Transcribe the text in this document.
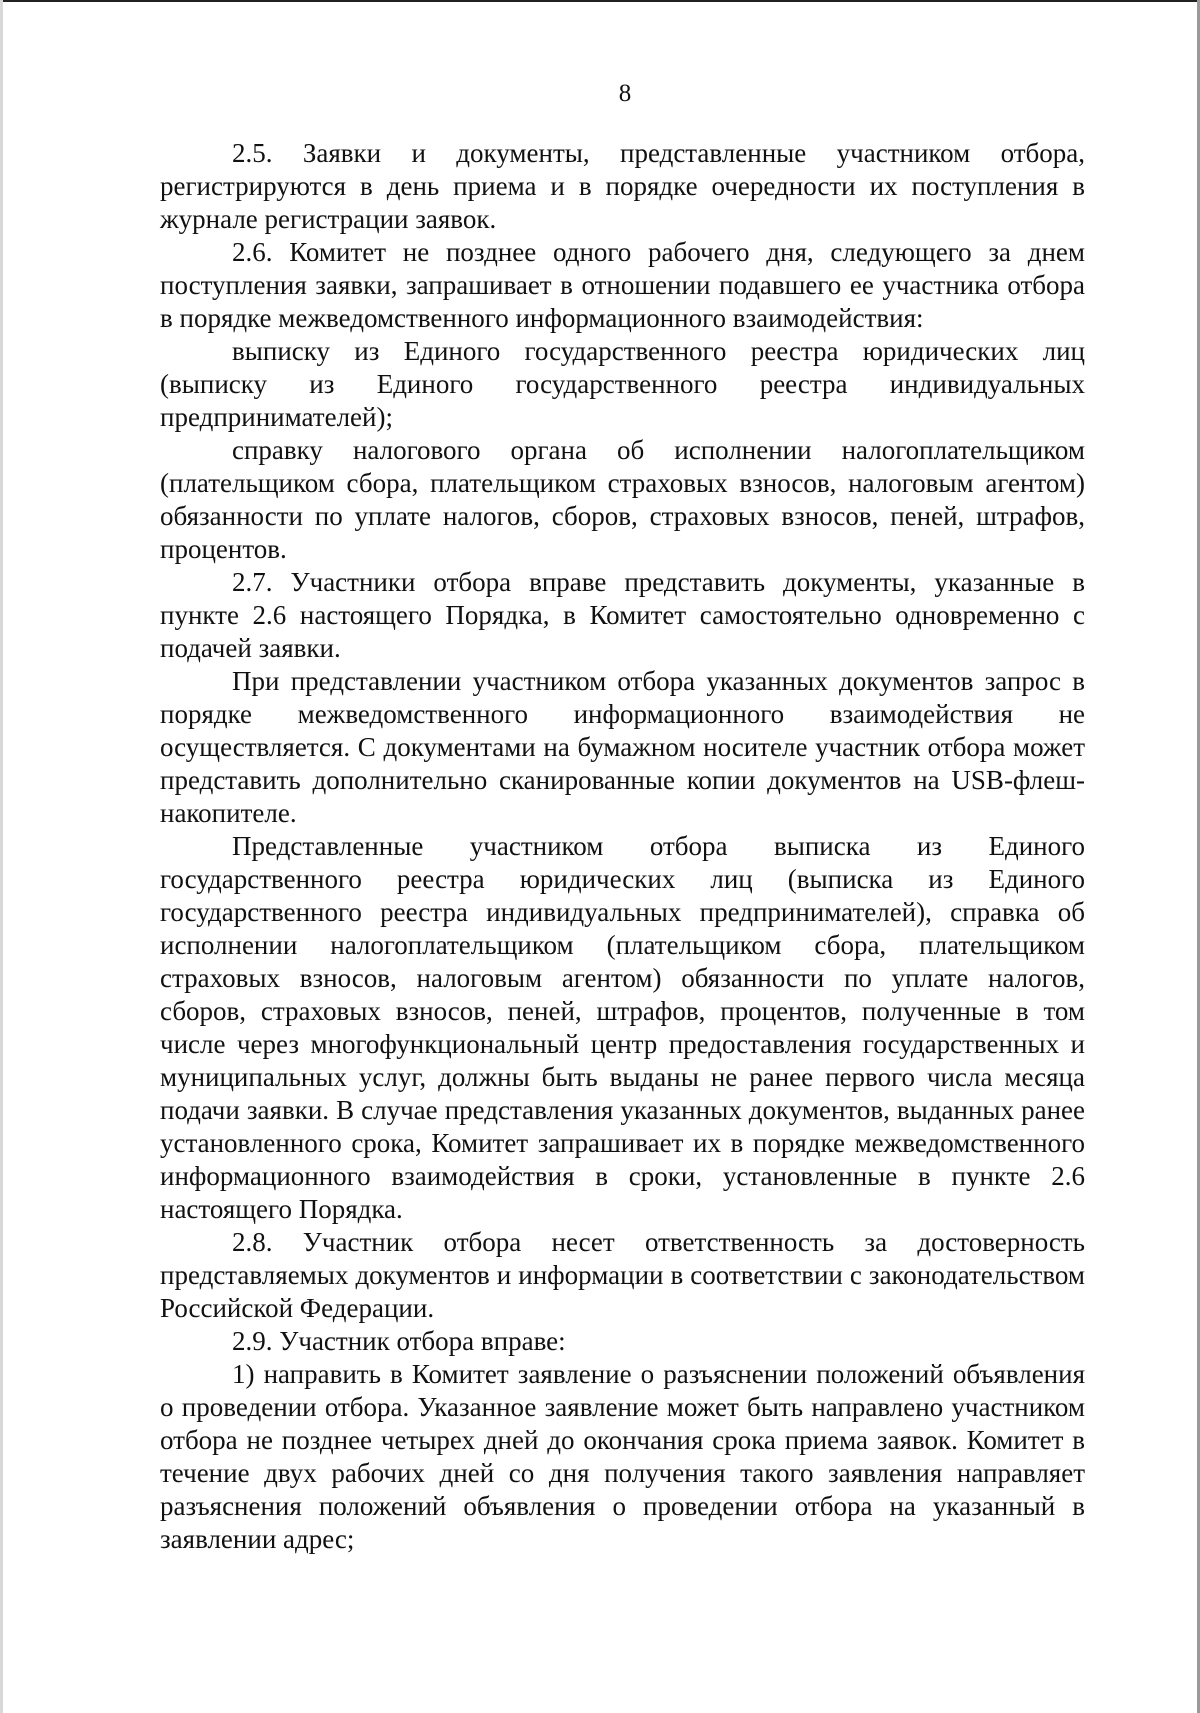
8

2.5. Заявки и документы, представленные участником отбора, регистрируются в день приема и в порядке очередности их поступления в журнале регистрации заявок.

2.6. Комитет не позднее одного рабочего дня, следующего за днем поступления заявки, запрашивает в отношении подавшего ее участника отбора в порядке межведомственного информационного взаимодействия:

выписку из Единого государственного реестра юридических лиц (выписку из Единого государственного реестра индивидуальных предпринимателей);

справку налогового органа об исполнении налогоплательщиком (плательщиком сбора, плательщиком страховых взносов, налоговым агентом) обязанности по уплате налогов, сборов, страховых взносов, пеней, штрафов, процентов.

2.7. Участники отбора вправе представить документы, указанные в пункте 2.6 настоящего Порядка, в Комитет самостоятельно одновременно с подачей заявки.

При представлении участником отбора указанных документов запрос в порядке межведомственного информационного взаимодействия не осуществляется. С документами на бумажном носителе участник отбора может представить дополнительно сканированные копии документов на USB-флеш-накопителе.

Представленные участником отбора выписка из Единого государственного реестра юридических лиц (выписка из Единого государственного реестра индивидуальных предпринимателей), справка об исполнении налогоплательщиком (плательщиком сбора, плательщиком страховых взносов, налоговым агентом) обязанности по уплате налогов, сборов, страховых взносов, пеней, штрафов, процентов, полученные в том числе через многофункциональный центр предоставления государственных и муниципальных услуг, должны быть выданы не ранее первого числа месяца подачи заявки. В случае представления указанных документов, выданных ранее установленного срока, Комитет запрашивает их в порядке межведомственного информационного взаимодействия в сроки, установленные в пункте 2.6 настоящего Порядка.

2.8. Участник отбора несет ответственность за достоверность представляемых документов и информации в соответствии с законодательством Российской Федерации.

2.9. Участник отбора вправе:

1) направить в Комитет заявление о разъяснении положений объявления о проведении отбора. Указанное заявление может быть направлено участником отбора не позднее четырех дней до окончания срока приема заявок. Комитет в течение двух рабочих дней со дня получения такого заявления направляет разъяснения положений объявления о проведении отбора на указанный в заявлении адрес;
